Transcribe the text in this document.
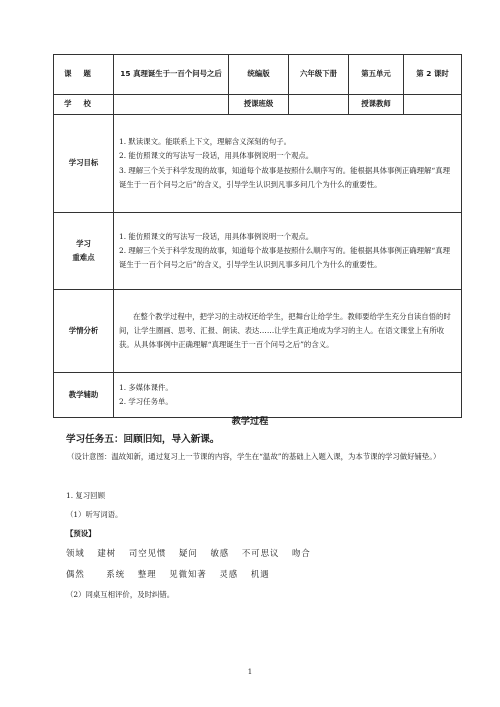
课题	15 真理诞生于一百个问号之后	统编版	六年级下册	第五单元	第 2 课时
学校		授课班级		授课教师	
学习目标	1. 默读课文。能联系上下文，理解含义深刻的句子。
2. 能仿照课文的写法写一段话，用具体事例说明一个观点。
3. 理解三个关于科学发现的故事，知道每个故事是按照什么顺序写的。能根据具体事例正确理解“真理诞生于一百个问号之后”的含义，引导学生认识到凡事多问几个为什么的重要性。				

学习
重难点	1. 能仿照课文的写法写一段话，用具体事例说明一个观点。
2. 理解三个关于科学发现的故事，知道每个故事是按照什么顺序写的。能根据具体事例正确理解“真理诞生于一百个问号之后”的含义，引导学生认识到凡事多问几个为什么的重要性。				

学情分析	在整个教学过程中，把学习的主动权还给学生，把舞台让给学生。教师要给学生充分自读自悟的时间，让学生圈画、思考、汇报、朗读、表达……让学生真正地成为学习的主人。在语文课堂上有所收获。从具体事例中正确理解“真理诞生于一百个问号之后”的含义。				
教学辅助	1. 多媒体课件。
2. 学习任务单。				
教学过程
学习任务五：回顾旧知，导入新课。
（设计意图：温故知新，通过复习上一节课的内容，学生在“温故”的基础上入题入课，为本节课的学习做好铺垫。）
1. 复习回顾
（1）听写词语。
【预设】
领域 建树 司空见惯 疑问 敏感 不可思议 吻合
偶然	系统 整理 见微知著 灵感 机遇
（2）同桌互相评价，及时纠错。
1
